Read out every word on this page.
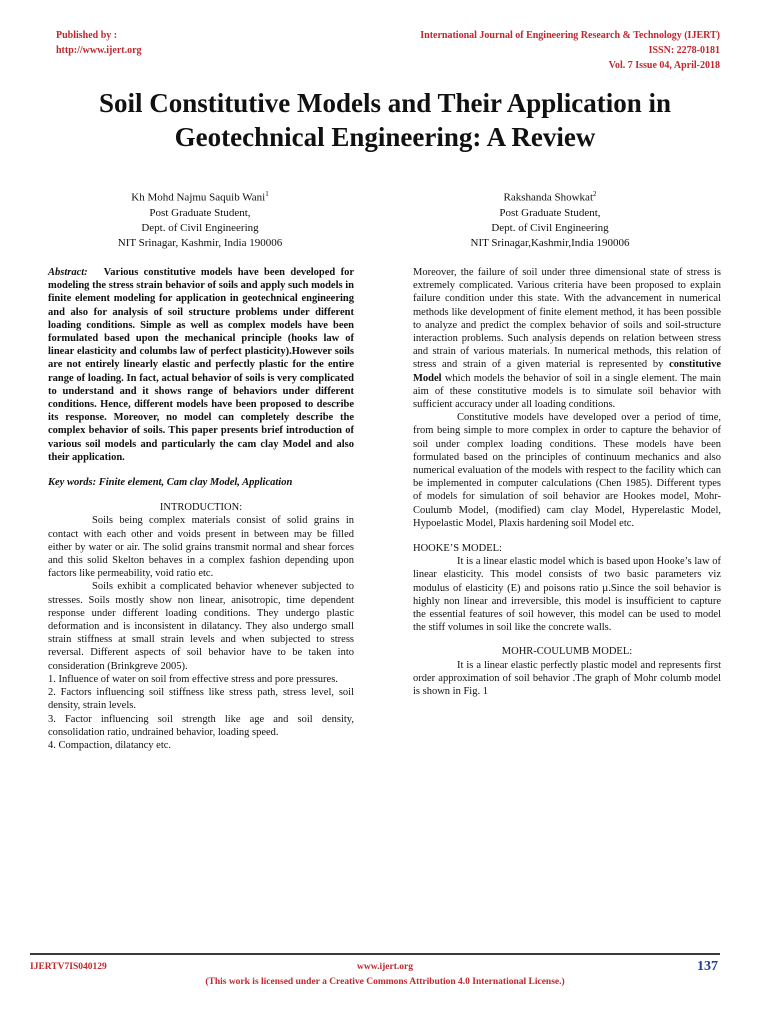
Published by :
http://www.ijert.org
International Journal of Engineering Research & Technology (IJERT)
ISSN: 2278-0181
Vol. 7 Issue 04, April-2018
Soil Constitutive Models and Their Application in Geotechnical Engineering: A Review
Kh Mohd Najmu Saquib Wani$^1$
Post Graduate Student,
Dept. of Civil Engineering
NIT Srinagar, Kashmir, India 190006
Rakshanda Showkat$^2$
Post Graduate Student,
Dept. of Civil Engineering
NIT Srinagar,Kashmir,India 190006

Abstract: Various constitutive models have been developed for modeling the stress strain behavior of soils and apply such models in finite element modeling for application in geotechnical engineering and also for analysis of soil structure problems under different loading conditions. Simple as well as complex models have been formulated based upon the mechanical principle (hooks law of linear elasticity and columbs law of perfect plasticity).However soils are not entirely linearly elastic and perfectly plastic for the entire range of loading. In fact, actual behavior of soils is very complicated to understand and it shows range of behaviors under different conditions. Hence, different models have been proposed to describe its response. Moreover, no model can completely describe the complex behavior of soils. This paper presents brief introduction of various soil models and particularly the cam clay Model and also their application.

Key words: Finite element, Cam clay Model, Application

INTRODUCTION:

Soils being complex materials consist of solid grains in contact with each other and voids present in between may be filled either by water or air. The solid grains transmit normal and shear forces and this solid Skelton behaves in a complex fashion depending upon factors like permeability, void ratio etc.

Soils exhibit a complicated behavior whenever subjected to stresses. Soils mostly show non linear, anisotropic, time dependent response under different loading conditions. They undergo plastic deformation and is inconsistent in dilatancy. They also undergo small strain stiffness at small strain levels and when subjected to stress reversal. Different aspects of soil behavior have to be taken into consideration (Brinkgreve 2005).

1. Influence of water on soil from effective stress and pore pressures.

2. Factors influencing soil stiffness like stress path, stress level, soil density, strain levels.

3. Factor influencing soil strength like age and soil density, consolidation ratio, undrained behavior, loading speed.

4. Compaction, dilatancy etc.

Moreover, the failure of soil under three dimensional state of stress is extremely complicated. Various criteria have been proposed to explain failure condition under this state. With the advancement in numerical methods like development of finite element method, it has been possible to analyze and predict the complex behavior of soils and soil-structure interaction problems. Such analysis depends on relation between stress and strain of various materials. In numerical methods, this relation of stress and strain of a given material is represented by constitutive Model which models the behavior of soil in a single element. The main aim of these constitutive models is to simulate soil behavior with sufficient accuracy under all loading conditions.

Constitutive models have developed over a period of time, from being simple to more complex in order to capture the behavior of soil under complex loading conditions. These models have been formulated based on the principles of continuum mechanics and also numerical evaluation of the models with respect to the facility which can be implemented in computer calculations (Chen 1985). Different types of models for simulation of soil behavior are Hookes model, Mohr-Coulumb Model, (modified) cam clay Model, Hyperelastic Model, Hypoelastic Model, Plaxis hardening soil Model etc.

HOOKE’S MODEL:

It is a linear elastic model which is based upon Hooke’s law of linear elasticity. This model consists of two basic parameters viz modulus of elasticity (E) and poisons ratio µ.Since the soil behavior is highly non linear and irreversible, this model is insufficient to capture the essential features of soil however, this model can be used to model the stiff volumes in soil like the concrete walls.

MOHR-COULUMB MODEL:

It is a linear elastic perfectly plastic model and represents first order approximation of soil behavior .The graph of Mohr columb model is shown in Fig. 1

IJERTV7IS040129	www.ijert.org	137
(This work is licensed under a Creative Commons Attribution 4.0 International License.)
